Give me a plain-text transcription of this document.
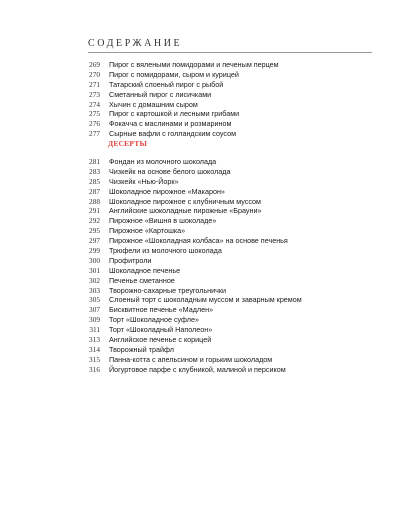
СОДЕРЖАНИЕ
269 Пирог с вялеными помидорами и печеным перцем
270 Пирог с помидорами, сыром и курицей
271 Татарский слоеный пирог с рыбой
273 Сметанный пирог с лисичками
274 Хычин с домашним сыром
275 Пирог с картошкой и лесными грибами
276 Фокачча с маслинами и розмарином
277 Сырные вафли с голландским соусом
ДЕСЕРТЫ
281 Фондан из молочного шоколада
283 Чизкейк на основе белого шоколада
285 Чизкейк «Нью-Йорк»
287 Шоколадное пирожное «Макарон»
288 Шоколадное пирожное с клубничным муссом
291 Английские шоколадные пирожные «Брауни»
292 Пирожное «Вишня в шоколаде»
295 Пирожное «Картошка»
297 Пирожное «Шоколадная колбаса» на основе печенья
299 Трюфели из молочного шоколада
300 Профитроли
301 Шоколадное печенье
302 Печенье сметанное
303 Творожно-сахарные треугольнички
305 Слоеный торт с шоколадным муссом и заварным кремом
307 Бисквитное печенье «Мадлен»
309 Торт «Шоколадное суфле»
311 Торт «Шоколадный Наполеон»
313 Английское печенье с корицей
314 Творожный трайфл
315 Панна-котта с апельсином и горьким шоколадом
316 Йогуртовое парфе с клубникой, малиной и персиком
